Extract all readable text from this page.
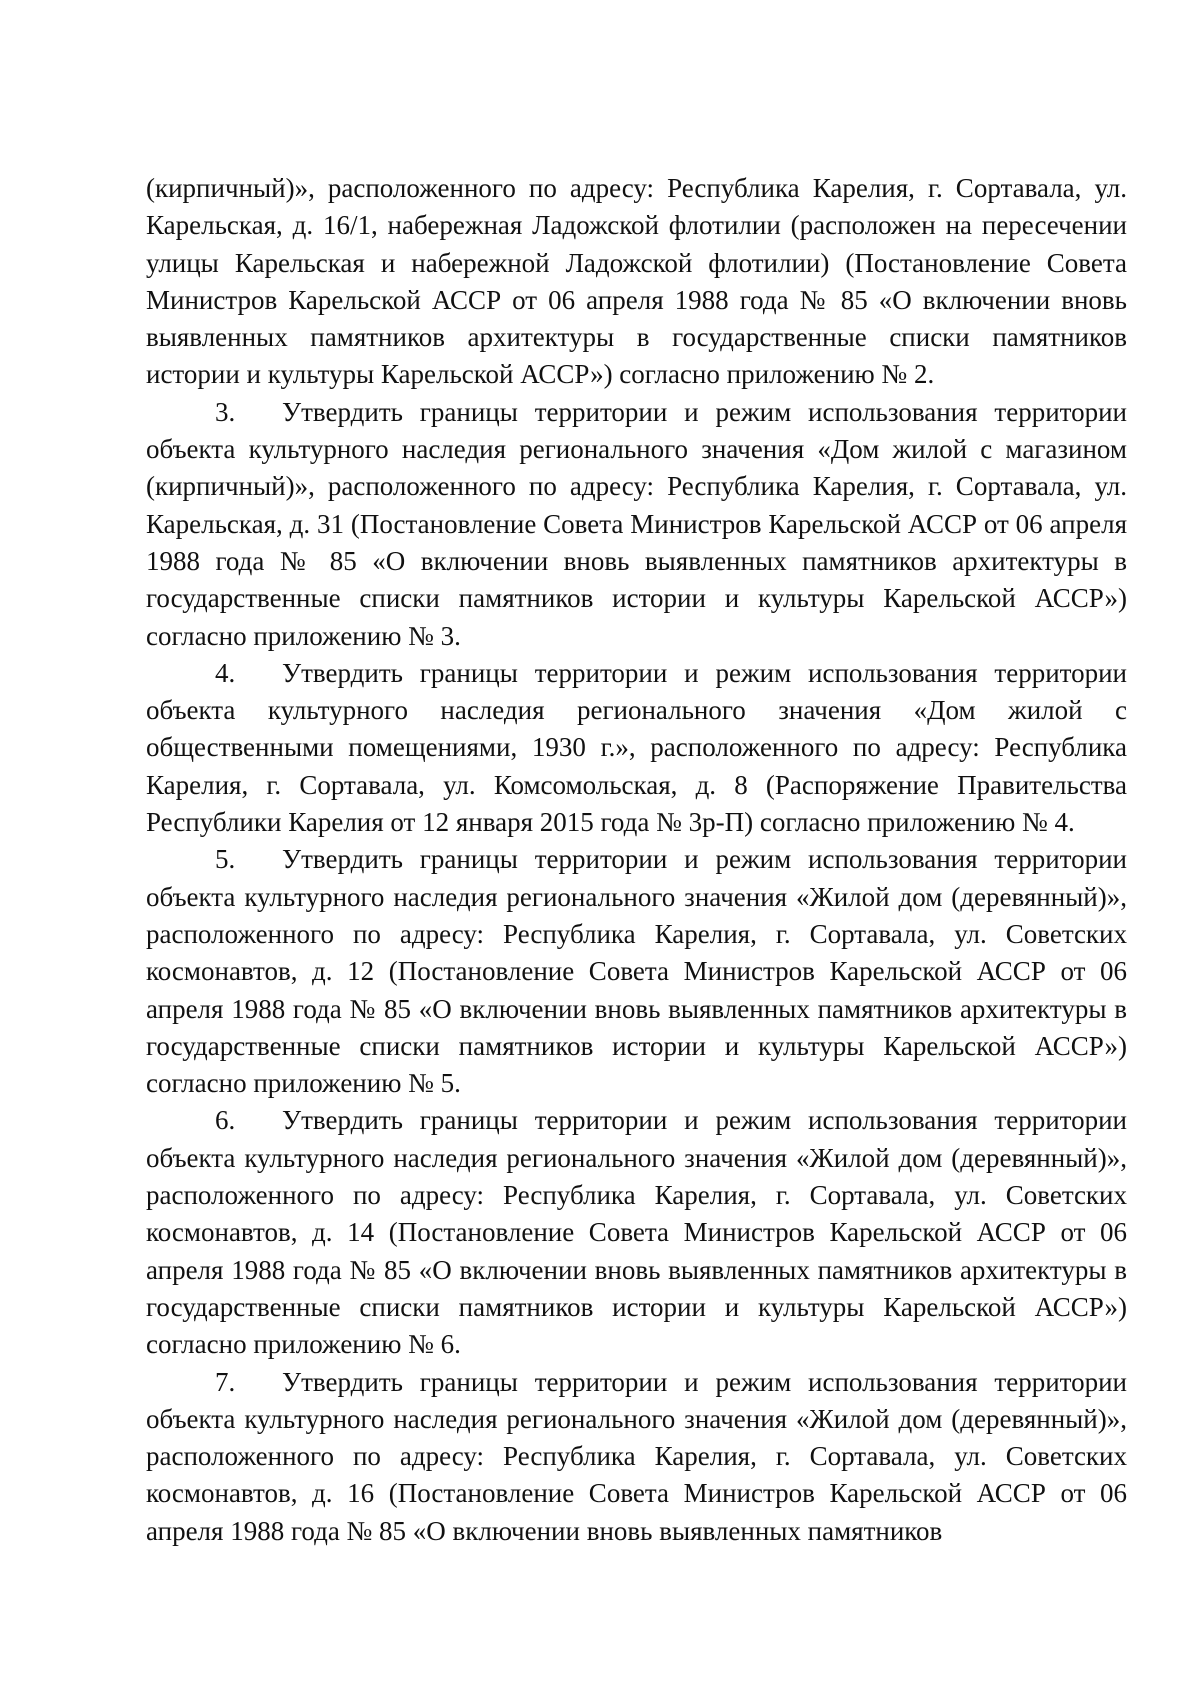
(кирпичный)», расположенного по адресу: Республика Карелия, г. Сортавала, ул. Карельская, д. 16/1, набережная Ладожской флотилии (расположен на пересечении улицы Карельская и набережной Ладожской флотилии) (Постановление Совета Министров Карельской АССР от 06 апреля 1988 года № 85 «О включении вновь выявленных памятников архитектуры в государственные списки памятников истории и культуры Карельской АССР») согласно приложению № 2.

3. Утвердить границы территории и режим использования территории объекта культурного наследия регионального значения «Дом жилой с магазином (кирпичный)», расположенного по адресу: Республика Карелия, г. Сортавала, ул. Карельская, д. 31 (Постановление Совета Министров Карельской АССР от 06 апреля 1988 года № 85 «О включении вновь выявленных памятников архитектуры в государственные списки памятников истории и культуры Карельской АССР») согласно приложению № 3.

4. Утвердить границы территории и режим использования территории объекта культурного наследия регионального значения «Дом жилой с общественными помещениями, 1930 г.», расположенного по адресу: Республика Карелия, г. Сортавала, ул. Комсомольская, д. 8 (Распоряжение Правительства Республики Карелия от 12 января 2015 года № 3р-П) согласно приложению № 4.

5. Утвердить границы территории и режим использования территории объекта культурного наследия регионального значения «Жилой дом (деревянный)», расположенного по адресу: Республика Карелия, г. Сортавала, ул. Советских космонавтов, д. 12 (Постановление Совета Министров Карельской АССР от 06 апреля 1988 года № 85 «О включении вновь выявленных памятников архитектуры в государственные списки памятников истории и культуры Карельской АССР») согласно приложению № 5.

6. Утвердить границы территории и режим использования территории объекта культурного наследия регионального значения «Жилой дом (деревянный)», расположенного по адресу: Республика Карелия, г. Сортавала, ул. Советских космонавтов, д. 14 (Постановление Совета Министров Карельской АССР от 06 апреля 1988 года № 85 «О включении вновь выявленных памятников архитектуры в государственные списки памятников истории и культуры Карельской АССР») согласно приложению № 6.

7. Утвердить границы территории и режим использования территории объекта культурного наследия регионального значения «Жилой дом (деревянный)», расположенного по адресу: Республика Карелия, г. Сортавала, ул. Советских космонавтов, д. 16 (Постановление Совета Министров Карельской АССР от 06 апреля 1988 года № 85 «О включении вновь выявленных памятников
